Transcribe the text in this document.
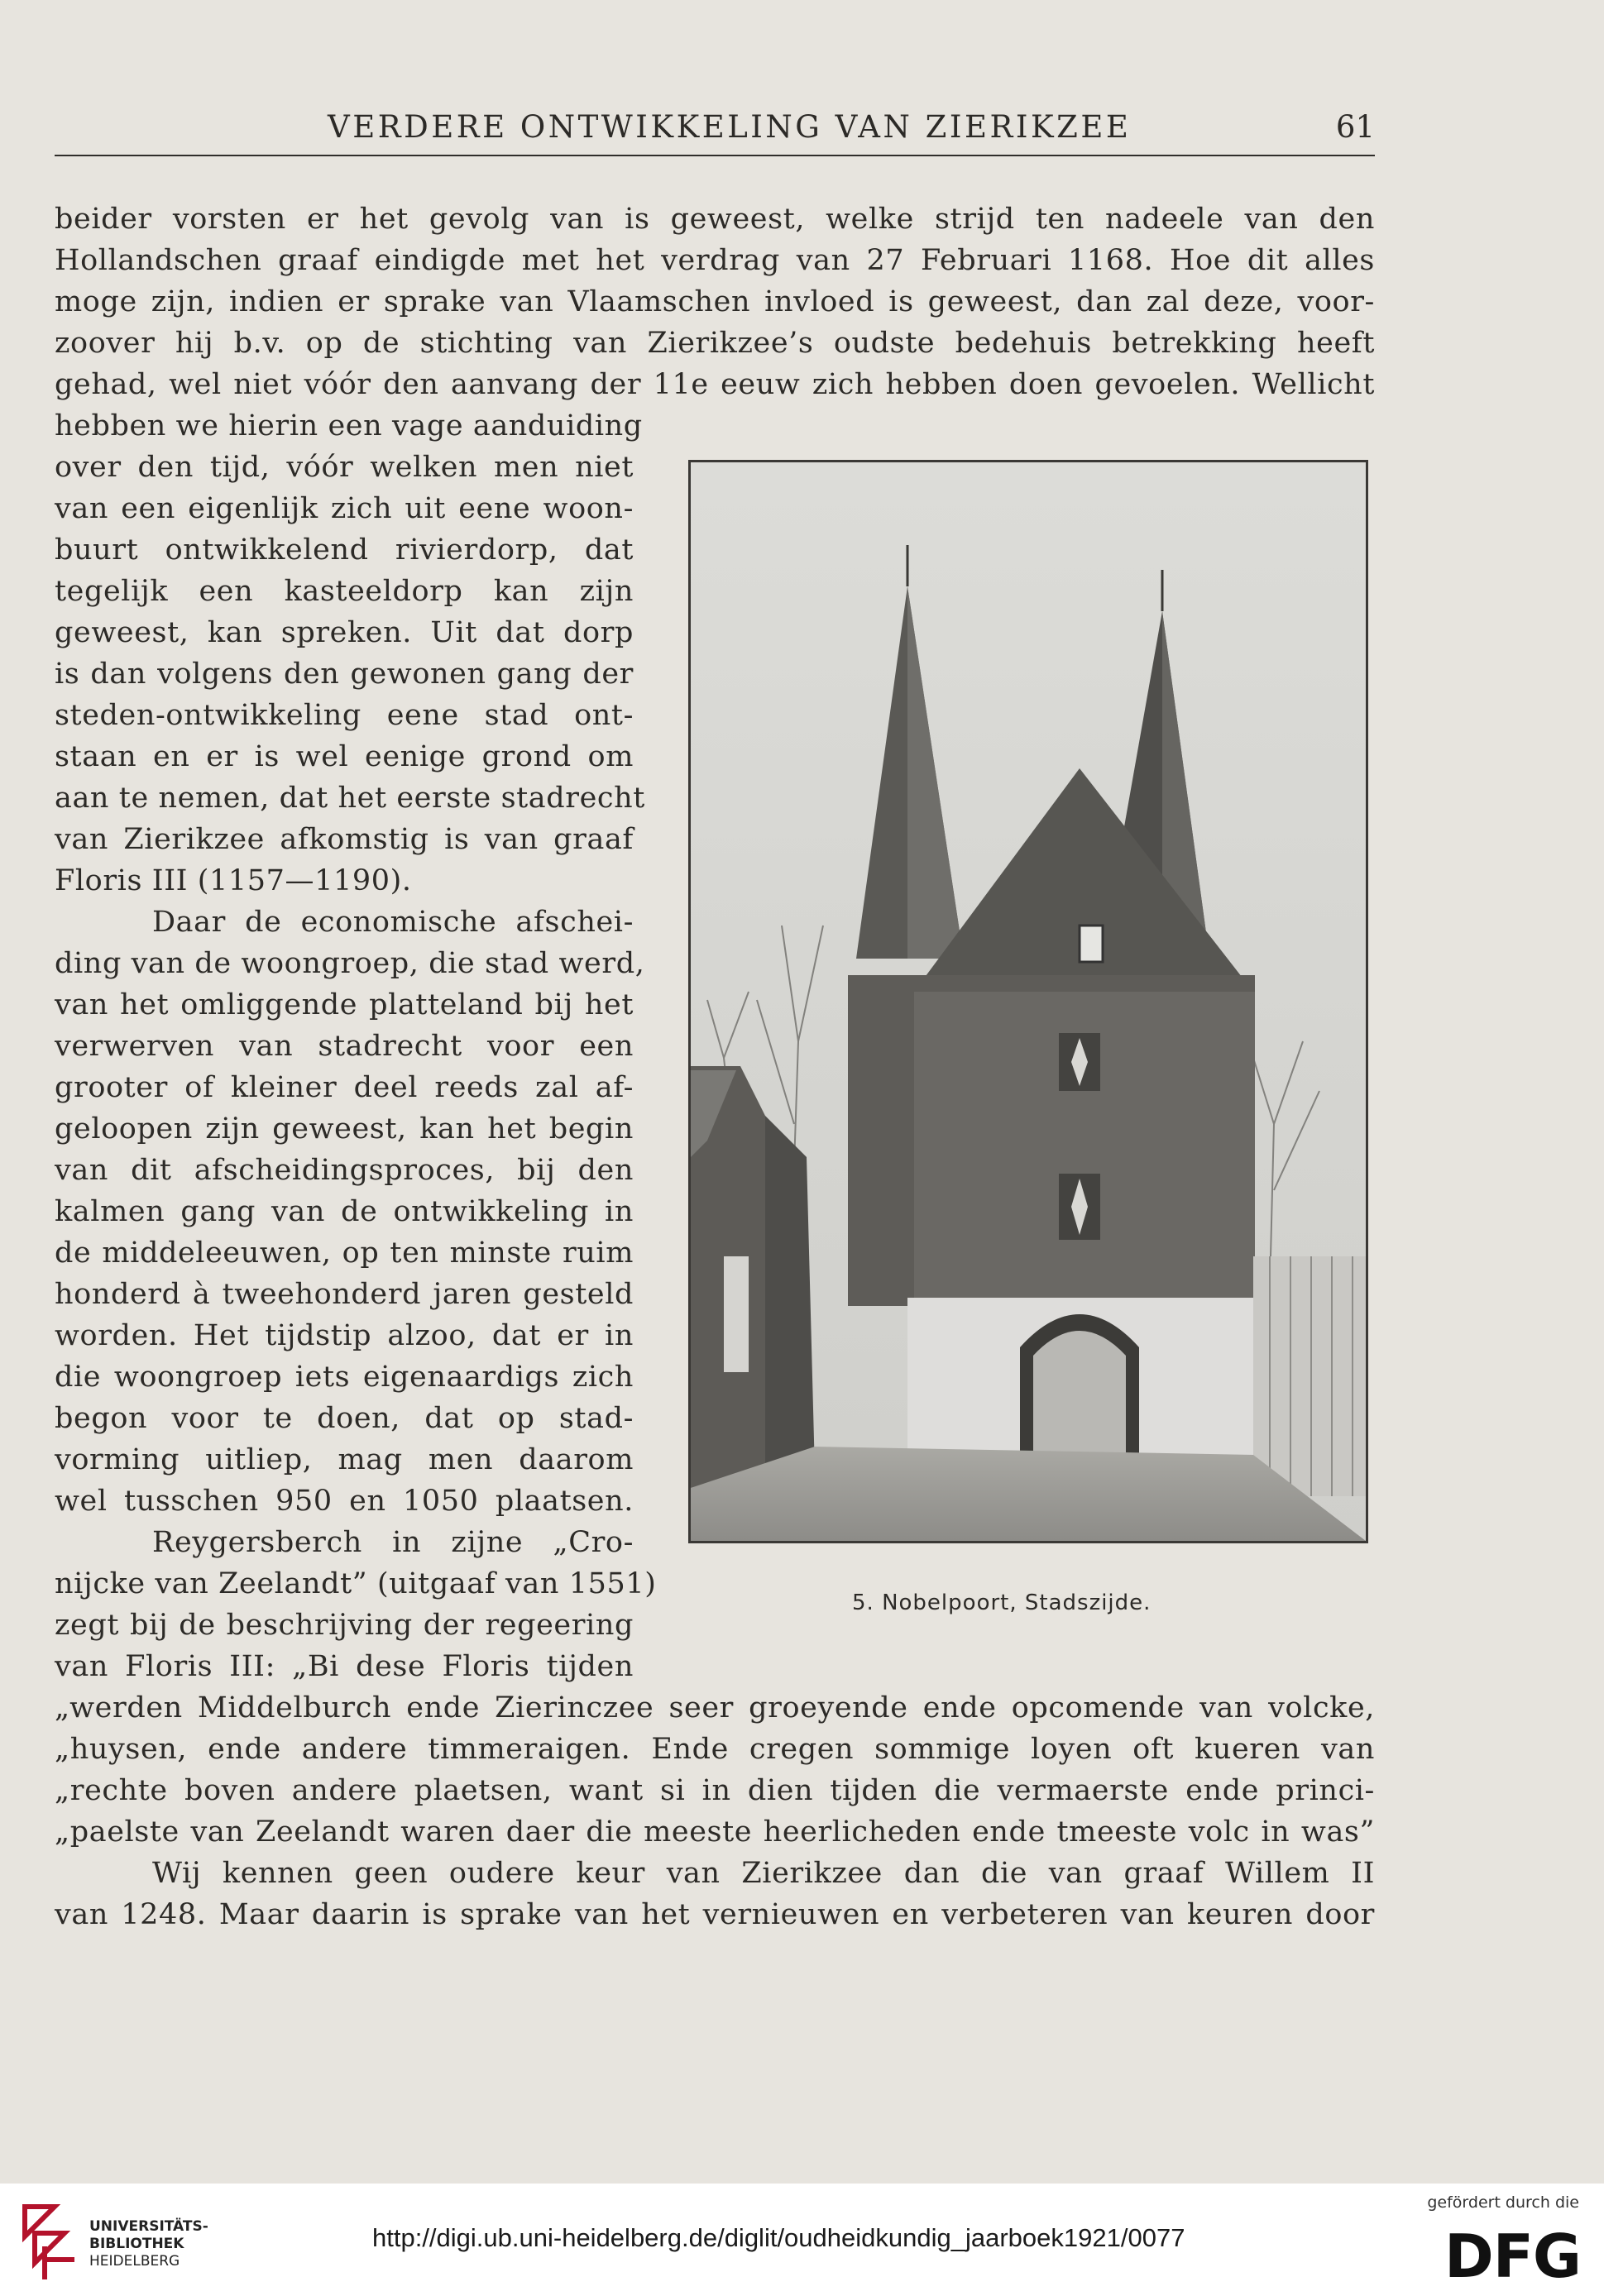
VERDERE ONTWIKKELING VAN ZIERIKZEE	61
beider vorsten er het gevolg van is geweest, welke strijd ten nadeele van den
Hollandschen graaf eindigde met het verdrag van 27 Februari 1168. Hoe dit alles
moge zijn, indien er sprake van Vlaamschen invloed is geweest, dan zal deze, voor-
zoover hij b.v. op de stichting van Zierikzee’s oudste bedehuis betrekking heeft
gehad, wel niet vóór den aanvang der 11e eeuw zich hebben doen gevoelen. Wellicht
hebben we hierin een vage aanduiding
over den tijd, vóór welken men niet
van een eigenlijk zich uit eene woon-
buurt ontwikkelend rivierdorp, dat
tegelijk een kasteeldorp kan zijn
geweest, kan spreken. Uit dat dorp
is dan volgens den gewonen gang der
steden-ontwikkeling eene stad ont-
staan en er is wel eenige grond om
aan te nemen, dat het eerste stadrecht
van Zierikzee afkomstig is van graaf
Floris III (1157—1190).
Daar de economische afschei-
ding van de woongroep, die stad werd,
van het omliggende platteland bij het
verwerven van stadrecht voor een
grooter of kleiner deel reeds zal af-
geloopen zijn geweest, kan het begin
van dit afscheidingsproces, bij den
kalmen gang van de ontwikkeling in
de middeleeuwen, op ten minste ruim
honderd à tweehonderd jaren gesteld
worden. Het tijdstip alzoo, dat er in
die woongroep iets eigenaardigs zich
begon voor te doen, dat op stad-
vorming uitliep, mag men daarom
wel tusschen 950 en 1050 plaatsen.
Reygersberch in zijne „Cro-
nijcke van Zeelandt” (uitgaaf van 1551)
zegt bij de beschrijving der regeering
van Floris III: „Bi dese Floris tijden
„werden Middelburch ende Zierinczee seer groeyende ende opcomende van volcke,
„huysen, ende andere timmeraigen. Ende cregen sommige loyen oft kueren van
„rechte boven andere plaetsen, want si in dien tijden die vermaerste ende princi-
„paelste van Zeelandt waren daer die meeste heerlicheden ende tmeeste volc in was”
Wij kennen geen oudere keur van Zierikzee dan die van graaf Willem II
van 1248. Maar daarin is sprake van het vernieuwen en verbeteren van keuren door
5. Nobelpoort, Stadszijde.
UNIVERSITÄTS-
BIBLIOTHEK
HEIDELBERG
http://digi.ub.uni-heidelberg.de/diglit/oudheidkundig_jaarboek1921/0077
gefördert durch die
DFG
